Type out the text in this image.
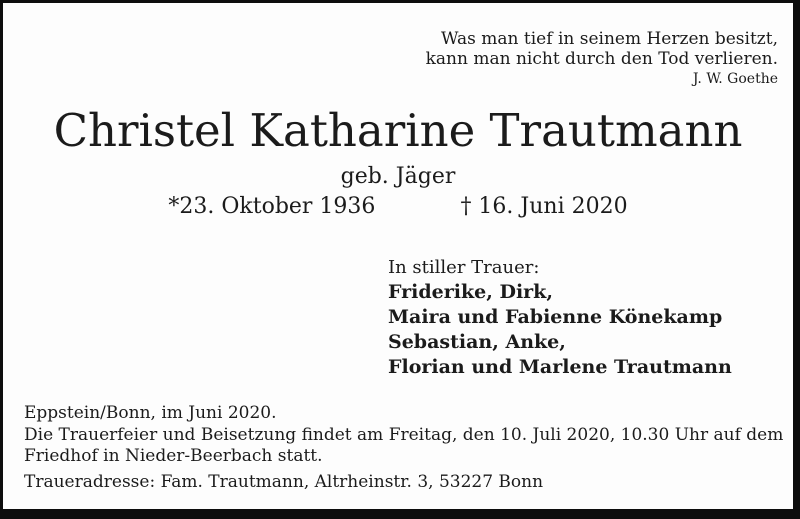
Was man tief in seinem Herzen besitzt,
kann man nicht durch den Tod verlieren.
J. W. Goethe
Christel Katharine Trautmann
geb. Jäger
*23. Oktober 1936	† 16. Juni 2020
In stiller Trauer:
Friderike, Dirk,
Maira und Fabienne Könekamp
Sebastian, Anke,
Florian und Marlene Trautmann
Eppstein/Bonn, im Juni 2020.
Die Trauerfeier und Beisetzung findet am Freitag, den 10. Juli 2020, 10.30 Uhr auf dem
Friedhof in Nieder-Beerbach statt.
Traueradresse: Fam. Trautmann, Altrheinstr. 3, 53227 Bonn
